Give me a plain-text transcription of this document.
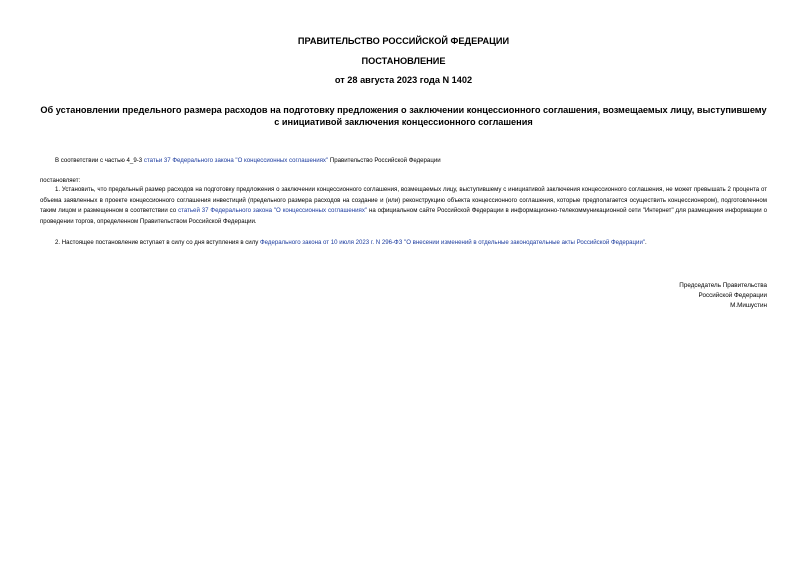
ПРАВИТЕЛЬСТВО РОССИЙСКОЙ ФЕДЕРАЦИИ
ПОСТАНОВЛЕНИЕ
от 28 августа 2023 года N 1402
Об установлении предельного размера расходов на подготовку предложения о заключении концессионного соглашения, возмещаемых лицу, выступившему с инициативой заключения концессионного соглашения
В соответствии с частью 4_9-3 статьи 37 Федерального закона "О концессионных соглашениях" Правительство Российской Федерации
постановляет:
1. Установить, что предельный размер расходов на подготовку предложения о заключении концессионного соглашения, возмещаемых лицу, выступившему с инициативой заключения концессионного соглашения, не может превышать 2 процента от объема заявленных в проекте концессионного соглашения инвестиций (предельного размера расходов на создание и (или) реконструкцию объекта концессионного соглашения, которые предполагается осуществить концессионером), подготовленном таким лицом и размещенном в соответствии со статьей 37 Федерального закона "О концессионных соглашениях" на официальном сайте Российской Федерации в информационно-телекоммуникационной сети "Интернет" для размещения информации о проведении торгов, определенном Правительством Российской Федерации.
2. Настоящее постановление вступает в силу со дня вступления в силу Федерального закона от 10 июля 2023 г. N 296-ФЗ "О внесении изменений в отдельные законодательные акты Российской Федерации".
Председатель Правительства
Российской Федерации
М.Мишустин
